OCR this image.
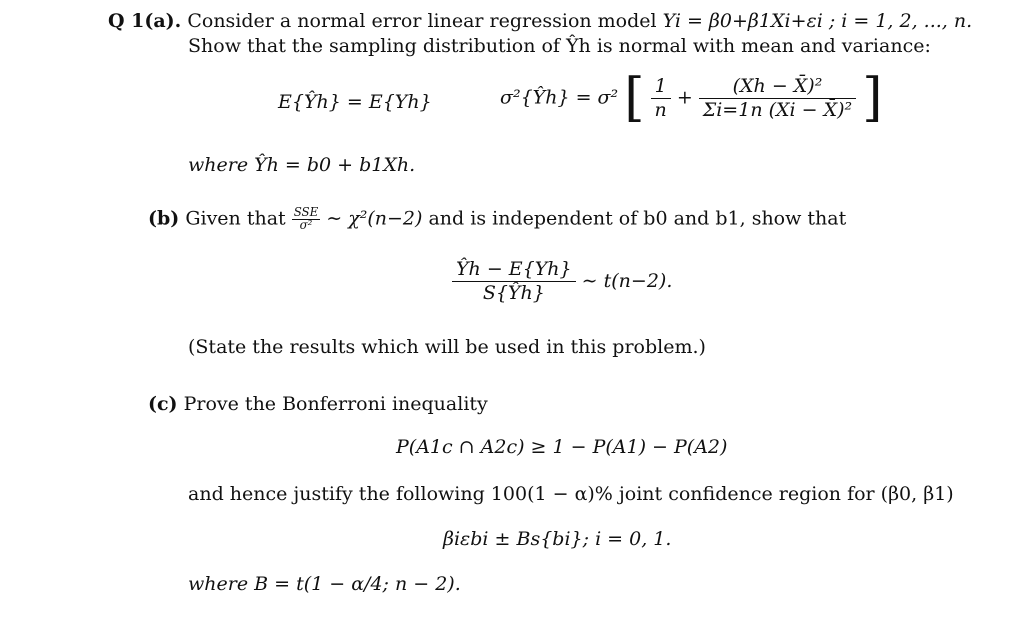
Q 1(a). Consider a normal error linear regression model Yi = β0+β1Xi+εi ; i = 1, 2, ..., n.
Show that the sampling distribution of Ŷh is normal with mean and variance:
E{Ŷh} = E{Yh}	σ²{Ŷh} = σ² [ $\frac{1}{n} + \frac{\text{(Xh − X̄)²}}{\text{Σi=1n (Xi − X̄)²}}$ ]
where Ŷh = b0 + b1Xh.
(b) Given that $\frac{\text{SSE}}{\text{σ²}}$ ∼ χ²(n−2) and is independent of b0 and b1, show that
$\frac{Ŷh - E\{Yh\}}{S\{Ŷh\}}$ ∼ t(n−2).
(State the results which will be used in this problem.)
(c) Prove the Bonferroni inequality
P(A1c ∩ A2c) ≥ 1 − P(A1) − P(A2)
and hence justify the following 100(1 − α)% joint confidence region for (β0, β1)
βiεbi ± Bs{bi}; i = 0, 1.
where B = t(1 − α/4; n − 2).
